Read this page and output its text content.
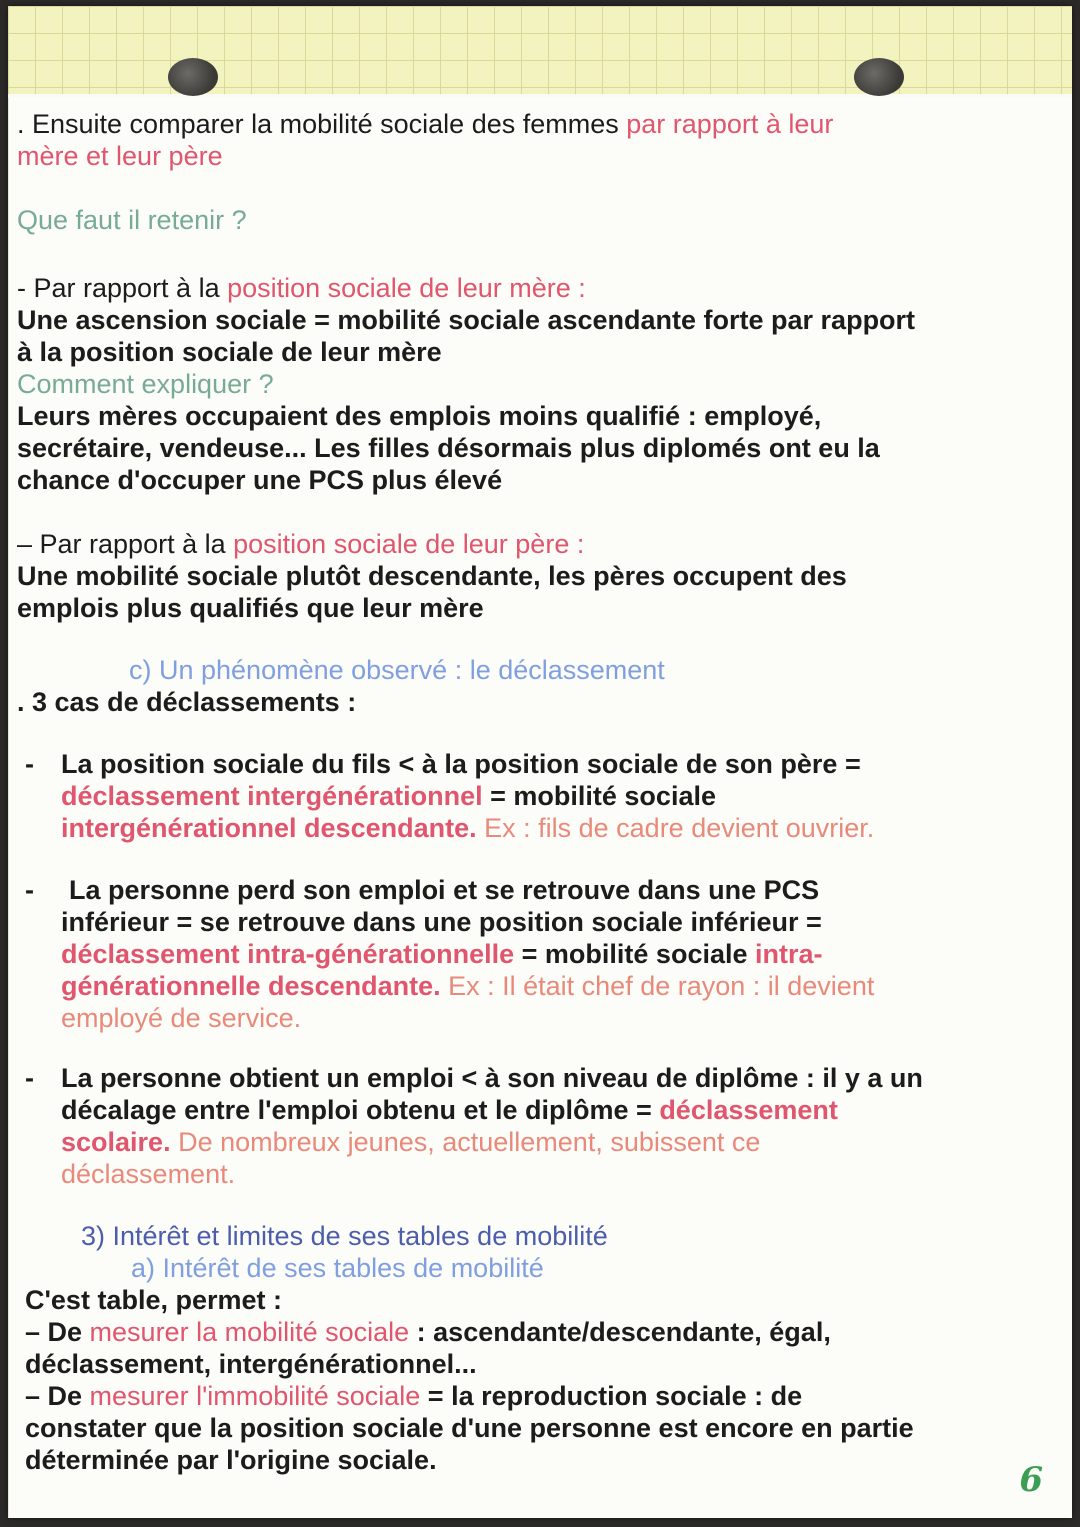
. Ensuite comparer la mobilité sociale des femmes par rapport à leur
mère et leur père
Que faut il retenir ?
- Par rapport à la position sociale de leur mère :
Une ascension sociale = mobilité sociale ascendante forte par rapport
à la position sociale de leur mère
Comment expliquer ?
Leurs mères occupaient des emplois moins qualifié : employé,
secrétaire, vendeuse... Les filles désormais plus diplomés ont eu la
chance d'occuper une PCS plus élevé
– Par rapport à la position sociale de leur père :
Une mobilité sociale plutôt descendante, les pères occupent des
emplois plus qualifiés que leur mère
c) Un phénomène observé : le déclassement
. 3 cas de déclassements :
- La position sociale du fils < à la position sociale de son père =
déclassement intergénérationnel = mobilité sociale
intergénérationnel descendante. Ex : fils de cadre devient ouvrier.
- La personne perd son emploi et se retrouve dans une PCS
inférieur = se retrouve dans une position sociale inférieur =
déclassement intra-générationnelle = mobilité sociale intra-
générationnelle descendante. Ex : Il était chef de rayon : il devient
employé de service.
- La personne obtient un emploi < à son niveau de diplôme : il y a un
décalage entre l'emploi obtenu et le diplôme = déclassement
scolaire. De nombreux jeunes, actuellement, subissent ce
déclassement.
3) Intérêt et limites de ses tables de mobilité
a) Intérêt de ses tables de mobilité
C'est table, permet :
– De mesurer la mobilité sociale : ascendante/descendante, égal,
déclassement, intergénérationnel...
– De mesurer l'immobilité sociale = la reproduction sociale : de
constater que la position sociale d'une personne est encore en partie
déterminée par l'origine sociale.	6
